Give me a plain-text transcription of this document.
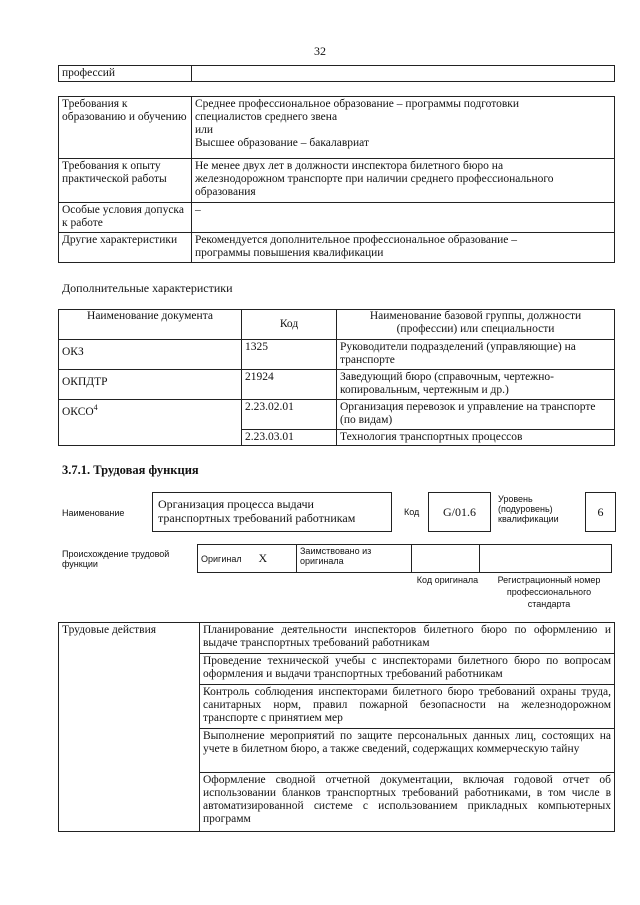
32
профессий	
Требования к образованию и обучению	Среднее профессиональное образование – программы подготовки
специалистов среднего звена
или
Высшее образование – бакалавриат

Требования к опыту практической работы	Не менее двух лет в должности инспектора билетного бюро на
железнодорожном транспорте при наличии среднего профессионального
образования

Особые условия допуска к работе	–

Другие характеристики	Рекомендуется дополнительное профессиональное образование –
программы повышения квалификации
Дополнительные характеристики
Наименование документа	Код	Наименование базовой группы, должности (профессии) или специальности
ОКЗ	1325	Руководители подразделений (управляющие) на транспорте
ОКПДТР	21924	Заведующий бюро (справочным, чертежно-копировальным, чертежным и др.)
ОКСО$^4$	2.23.02.01	Организация перевозок и управление на транспорте (по видам)
	2.23.03.01	Технология транспортных процессов
3.7.1. Трудовая функция
Наименование
Организация процесса выдачи транспортных требований работникам	Код	G/01.6
Уровень (подуровень) квалификации	6
Происхождение трудовой функции
Оригинал X	Заимствовано из оригинала

Код оригинала	Регистрационный номер профессионального стандарта
Трудовые действия	Планирование деятельности инспекторов билетного бюро по оформлению и выдаче транспортных требований работникам
Проведение технической учебы с инспекторами билетного бюро по вопросам оформления и выдачи транспортных требований работникам
Контроль соблюдения инспекторами билетного бюро требований охраны труда, санитарных норм, правил пожарной безопасности на железнодорожном транспорте с принятием мер
Выполнение мероприятий по защите персональных данных лиц, состоящих на учете в билетном бюро, а также сведений, содержащих коммерческую тайну
Оформление сводной отчетной документации, включая годовой отчет об использовании бланков транспортных требований работниками, в том числе в автоматизированной системе с использованием прикладных компьютерных программ
